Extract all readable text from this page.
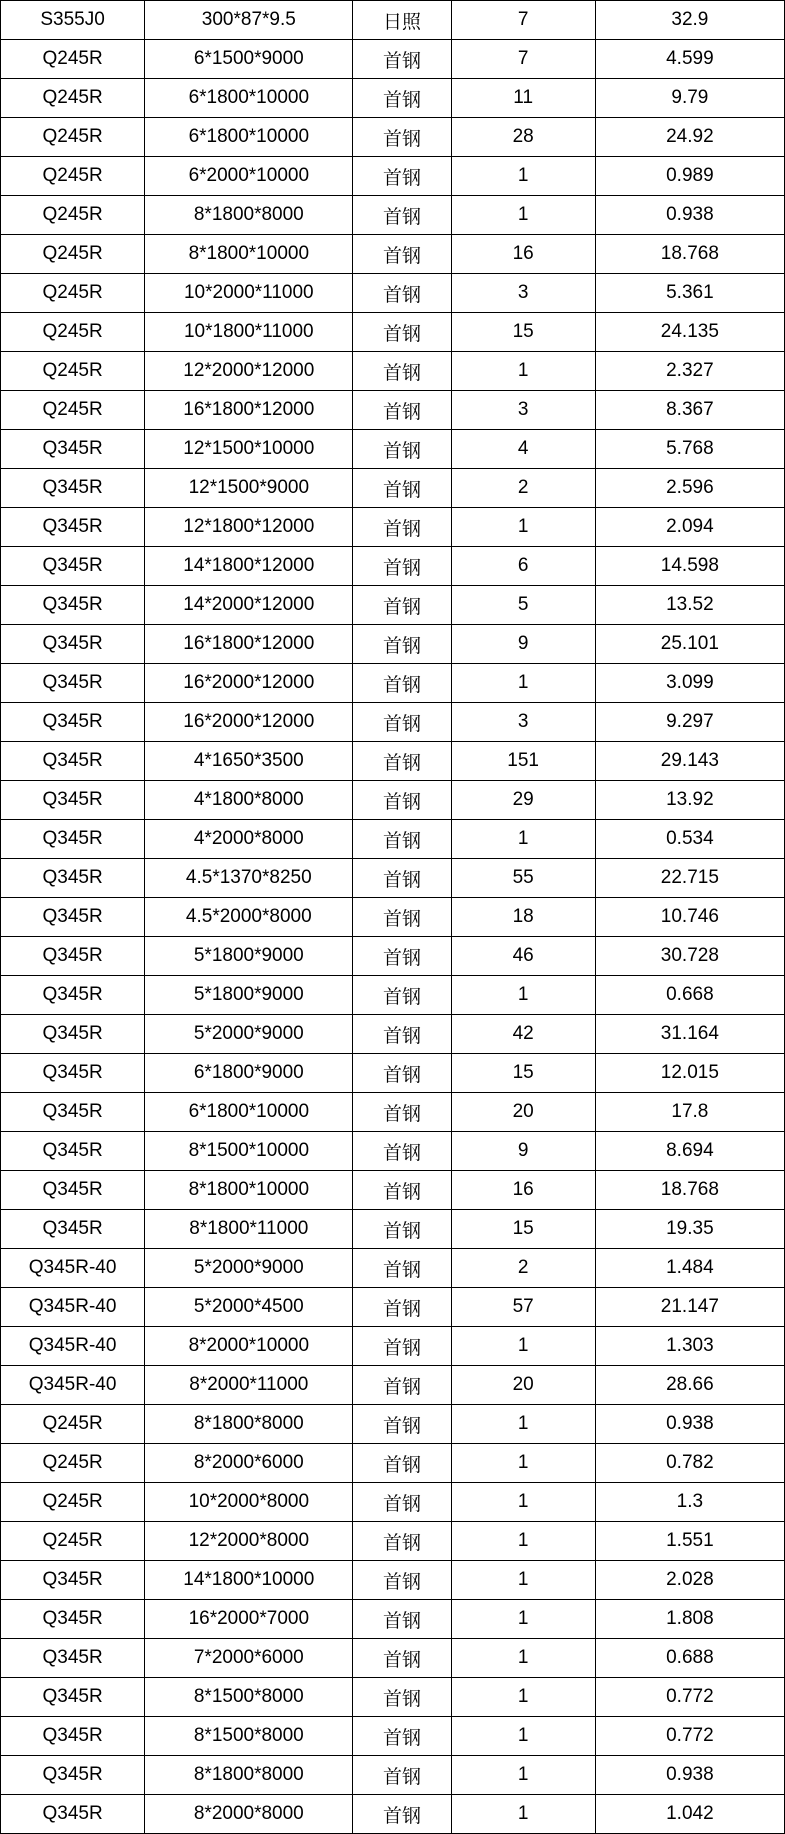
S355J0	300*87*9.5	日照	7	32.9
Q245R	6*1500*9000	首钢	7	4.599
Q245R	6*1800*10000	首钢	11	9.79
Q245R	6*1800*10000	首钢	28	24.92
Q245R	6*2000*10000	首钢	1	0.989
Q245R	8*1800*8000	首钢	1	0.938
Q245R	8*1800*10000	首钢	16	18.768
Q245R	10*2000*11000	首钢	3	5.361
Q245R	10*1800*11000	首钢	15	24.135
Q245R	12*2000*12000	首钢	1	2.327
Q245R	16*1800*12000	首钢	3	8.367
Q345R	12*1500*10000	首钢	4	5.768
Q345R	12*1500*9000	首钢	2	2.596
Q345R	12*1800*12000	首钢	1	2.094
Q345R	14*1800*12000	首钢	6	14.598
Q345R	14*2000*12000	首钢	5	13.52
Q345R	16*1800*12000	首钢	9	25.101
Q345R	16*2000*12000	首钢	1	3.099
Q345R	16*2000*12000	首钢	3	9.297
Q345R	4*1650*3500	首钢	151	29.143
Q345R	4*1800*8000	首钢	29	13.92
Q345R	4*2000*8000	首钢	1	0.534
Q345R	4.5*1370*8250	首钢	55	22.715
Q345R	4.5*2000*8000	首钢	18	10.746
Q345R	5*1800*9000	首钢	46	30.728
Q345R	5*1800*9000	首钢	1	0.668
Q345R	5*2000*9000	首钢	42	31.164
Q345R	6*1800*9000	首钢	15	12.015
Q345R	6*1800*10000	首钢	20	17.8
Q345R	8*1500*10000	首钢	9	8.694
Q345R	8*1800*10000	首钢	16	18.768
Q345R	8*1800*11000	首钢	15	19.35
Q345R-40	5*2000*9000	首钢	2	1.484
Q345R-40	5*2000*4500	首钢	57	21.147
Q345R-40	8*2000*10000	首钢	1	1.303
Q345R-40	8*2000*11000	首钢	20	28.66
Q245R	8*1800*8000	首钢	1	0.938
Q245R	8*2000*6000	首钢	1	0.782
Q245R	10*2000*8000	首钢	1	1.3
Q245R	12*2000*8000	首钢	1	1.551
Q345R	14*1800*10000	首钢	1	2.028
Q345R	16*2000*7000	首钢	1	1.808
Q345R	7*2000*6000	首钢	1	0.688
Q345R	8*1500*8000	首钢	1	0.772
Q345R	8*1500*8000	首钢	1	0.772
Q345R	8*1800*8000	首钢	1	0.938
Q345R	8*2000*8000	首钢	1	1.042
